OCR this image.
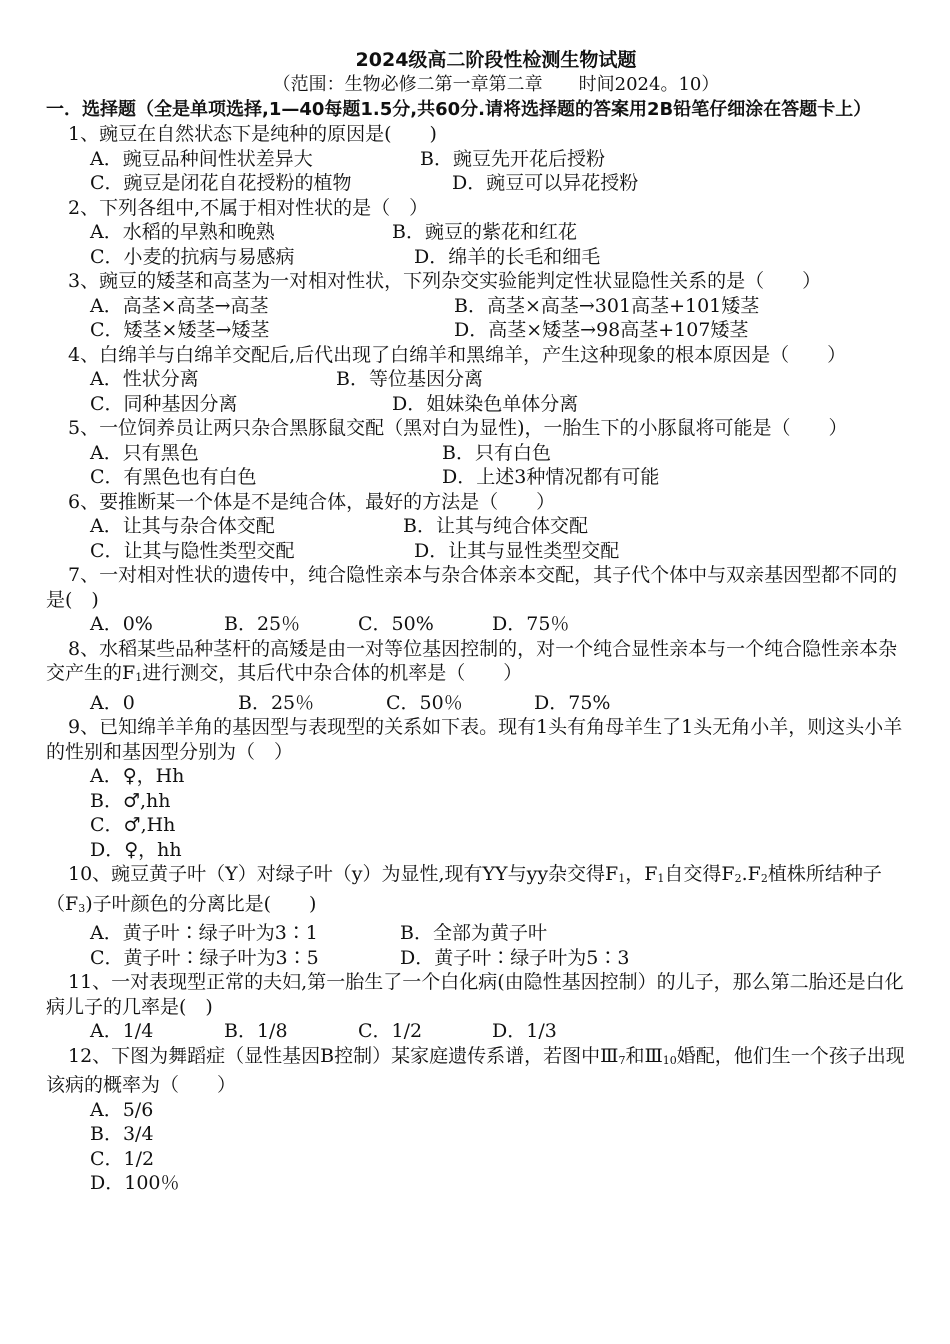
2024级高二阶段性检测生物试题
（范围：生物必修二第一章第二章　　时间2024。10）
一．选择题（全是单项选择,1—40每题1.5分,共60分.请将选择题的答案用2B铅笔仔细涂在答题卡上）
1、豌豆在自然状态下是纯种的原因是(　　)
A．豌豆品种间性状差异大	B．豌豆先开花后授粉
C．豌豆是闭花自花授粉的植物	D．豌豆可以异花授粉
2、下列各组中,不属于相对性状的是（　）
A．水稻的早熟和晚熟	B．豌豆的紫花和红花
C．小麦的抗病与易感病	D．绵羊的长毛和细毛
3、豌豆的矮茎和高茎为一对相对性状，下列杂交实验能判定性状显隐性关系的是（　　）
A．高茎×高茎→高茎	B．高茎×高茎→301高茎+101矮茎
C．矮茎×矮茎→矮茎	D．高茎×矮茎→98高茎+107矮茎
4、白绵羊与白绵羊交配后,后代出现了白绵羊和黑绵羊，产生这种现象的根本原因是（　　）
A．性状分离	B．等位基因分离
C．同种基因分离	D．姐妹染色单体分离
5、一位饲养员让两只杂合黑豚鼠交配（黑对白为显性)，一胎生下的小豚鼠将可能是（　　）
A．只有黑色	B．只有白色
C．有黑色也有白色	D．上述3种情况都有可能
6、要推断某一个体是不是纯合体，最好的方法是（　　）
A．让其与杂合体交配	B．让其与纯合体交配
C．让其与隐性类型交配	D．让其与显性类型交配
7、一对相对性状的遗传中，纯合隐性亲本与杂合体亲本交配，其子代个体中与双亲基因型都不同的是(　)
A．0%	B．25％	C．50%	D．75％
8、水稻某些品种茎杆的高矮是由一对等位基因控制的，对一个纯合显性亲本与一个纯合隐性亲本杂交产生的$F_1$进行测交，其后代中杂合体的机率是（　　）
A．0	B．25％	C．50％	D．75%
9、已知绵羊羊角的基因型与表现型的关系如下表。现有1头有角母羊生了1头无角小羊，则这头小羊的性别和基因型分别为（　）
A．♀，Hh
B．♂,hh
C．♂,Hh
D．♀，hh
10、豌豆黄子叶（Y）对绿子叶（y）为显性,现有YY与yy杂交得$F_1$，$F_1$自交得$F_2.F_2$植株所结种子$(F_3)$子叶颜色的分离比是(　　)
A．黄子叶∶绿子叶为3∶1	B．全部为黄子叶
C．黄子叶∶绿子叶为3∶5	D．黄子叶∶绿子叶为5∶3
11、一对表现型正常的夫妇,第一胎生了一个白化病(由隐性基因控制）的儿子，那么第二胎还是白化病儿子的几率是(　)
A．1/4	B．1/8	C．1/2	D．1/3
12、下图为舞蹈症（显性基因B控制）某家庭遗传系谱，若图中$Ⅲ_7$和$Ⅲ_{10}$婚配，他们生一个孩子出现该病的概率为（　　）
A．5/6
B．3/4
C．1/2
D．100％
